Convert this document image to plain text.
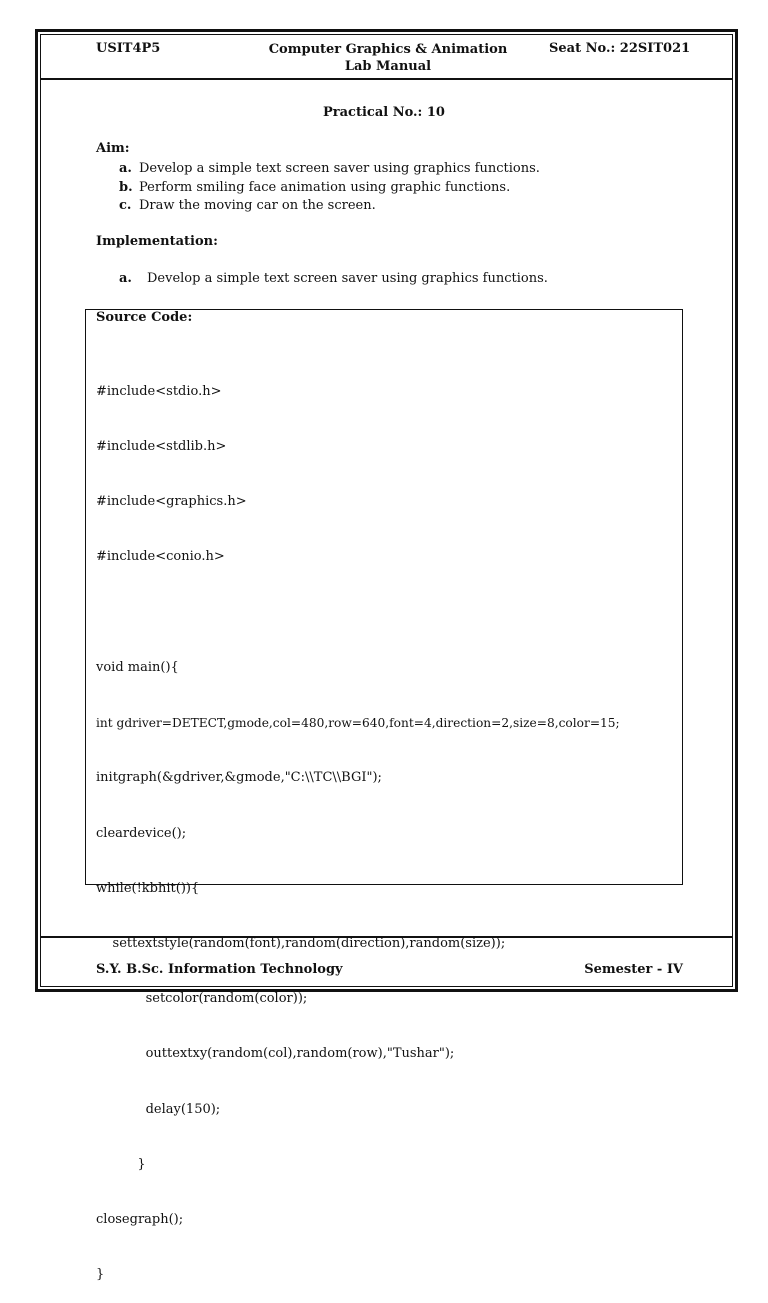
USIT4P5	Computer Graphics & Animation
Lab Manual
Seat No.: 22SIT021
Practical No.: 10
Aim:
a. Develop a simple text screen saver using graphics functions.
b. Perform smiling face animation using graphic functions.
c. Draw the moving car on the screen.
Implementation:
a. Develop a simple text screen saver using graphics functions.
Source Code:

#include<stdio.h>

#include<stdlib.h>

#include<graphics.h>

#include<conio.h>

void main(){

int gdriver=DETECT,gmode,col=480,row=640,font=4,direction=2,size=8,color=15;

initgraph(&gdriver,&gmode,"C:\\TC\\BGI");

cleardevice();

while(!kbhit()){

settextstyle(random(font),random(direction),random(size));

setcolor(random(color));

outtextxy(random(col),random(row),"Tushar");

delay(150);

}

closegraph();

}

S.Y. B.Sc. Information Technology	Semester - IV
